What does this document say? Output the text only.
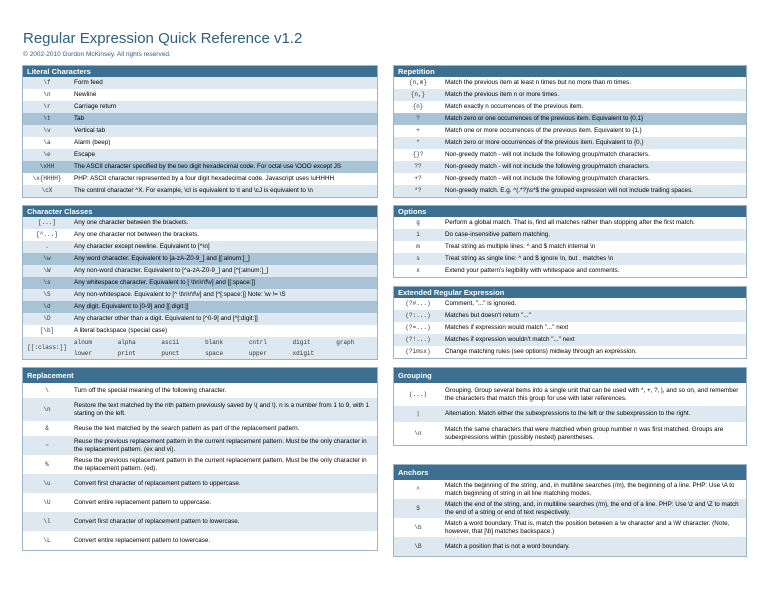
Regular Expression Quick Reference v1.2
© 2002-2010 Gordon McKinsey. All rights reserved.
Literal Characters
\f	Form feed
\n	Newline
\r	Carriage return
\t	Tab
\v	Vertical tab
\a	Alarm (beep)
\e	Escape
\xHH	The ASCII character specified by the two digit hexadecimal code. For octal use \OOO except JS
\x{HHHH}	PHP: ASCII character represented by a four digit hexadecimal code. Javascript uses \uHHHH
\cX	The control character ^X. For example, \cI is equivalent to \t and \cJ is equivalent to \n
Character Classes
[...]	Any one character between the brackets.
[^...]	Any one character not between the brackets.
.	Any character except newline. Equivalent to [^\n]
\w	Any word character. Equivalent to [a-zA-Z0-9_] and [[:alnum:]_]
\W	Any non-word character. Equivalent to [^a-zA-Z0-9_] and [^[:alnum:]_]
\s	Any whitespace character. Equivalent to [ \t\n\r\f\v] and [[:space:]]
\S	Any non-whitespace. Equivalent to [^ \t\n\r\f\v] and [^[:space:]] Note: \w != \S
\d	Any digit. Equivalent to [0-9] and [[:digit:]]
\D	Any character other than a digit. Equivalent to [^0-9] and [^[:digit:]]
[\b]	A literal backspace (special case)
[[:class:]]	alnum	alpha	ascii	blank	cntrl	digit	graph
	lower	print	punct	space	upper	xdigit	
Replacement
\	Turn off the special meaning of the following character.
\n	Restore the text matched by the nth pattern previously saved by \( and \). n is a number from 1 to 9, with 1 starting on the left.
&	Reuse the text matched by the search pattern as part of the replacement pattern.
~	Reuse the previous replacement pattern in the current replacement pattern. Must be the only character in the replacement pattern. (ex and vi).
%	Reuse the previous replacement pattern in the current replacement pattern. Must be the only character in the replacement pattern. (ed).
\u	Convert first character of replacement pattern to uppercase.
\U	Convert entire replacement pattern to uppercase.
\l	Convert first character of replacement pattern to lowercase.
\L	Convert entire replacement pattern to lowercase.
Repetition
{n,m}	Match the previous item at least n times but no more than m times.
{n,}	Match the previous item n or more times.
{n}	Match exactly n occurrences of the previous item.
?	Match zero or one occurrences of the previous item. Equivalent to {0,1}
+	Match one or more occurrences of the previous item. Equivalent to {1,}
*	Match zero or more occurrences of the previous item. Equivalent to {0,}
{}?	Non-greedy match - will not include the following group/match characters.
??	Non-greedy match - will not include the following group/match characters.
+?	Non-greedy match - will not include the following group/match characters.
*?	Non-greedy match. E.g. ^(.*?)\s*$ the grouped expression will not include trailing spaces.
Options
g	Perform a global match. That is, find all matches rather than stopping after the first match.
i	Do case-insensitive pattern matching.
m	Treat string as multiple lines: ^ and $ match internal \n
s	Treat string as single line: ^ and $ ignore \n, but . matches \n
x	Extend your pattern's legibility with whitespace and comments.
Extended Regular Expression
(?#...)	Comment, "..." is ignored.
(?:...)	Matches but doesn't return "..."
(?=...)	Matches if expression would match "..." next
(?!...)	Matches if expression wouldn't match "..." next
(?imsx)	Change matching rules (see options) midway through an expression.
Grouping
(...)	Grouping. Group several items into a single unit that can be used with *, +, ?, |, and so on, and remember the characters that match this group for use with later references.
|	Alternation. Match either the subexpressions to the left or the subexpression to the right.
\n	Match the same characters that were matched when group number n was first matched. Groups are subexpressions within (possibly nested) parentheses.
Anchors
^	Match the beginning of the string, and, in multiline searches (/m), the beginning of a line. PHP: Use \A to match beginning of string in all line matching modes.
$	Match the end of the string, and, in multiline searches (/m), the end of a line. PHP: Use \z and \Z to match the end of a string or end of text respectively.
\b	Match a word boundary. That is, match the position between a \w character and a \W character. (Note, however, that [\b] matches backspace.)
\B	Match a position that is not a word boundary.
